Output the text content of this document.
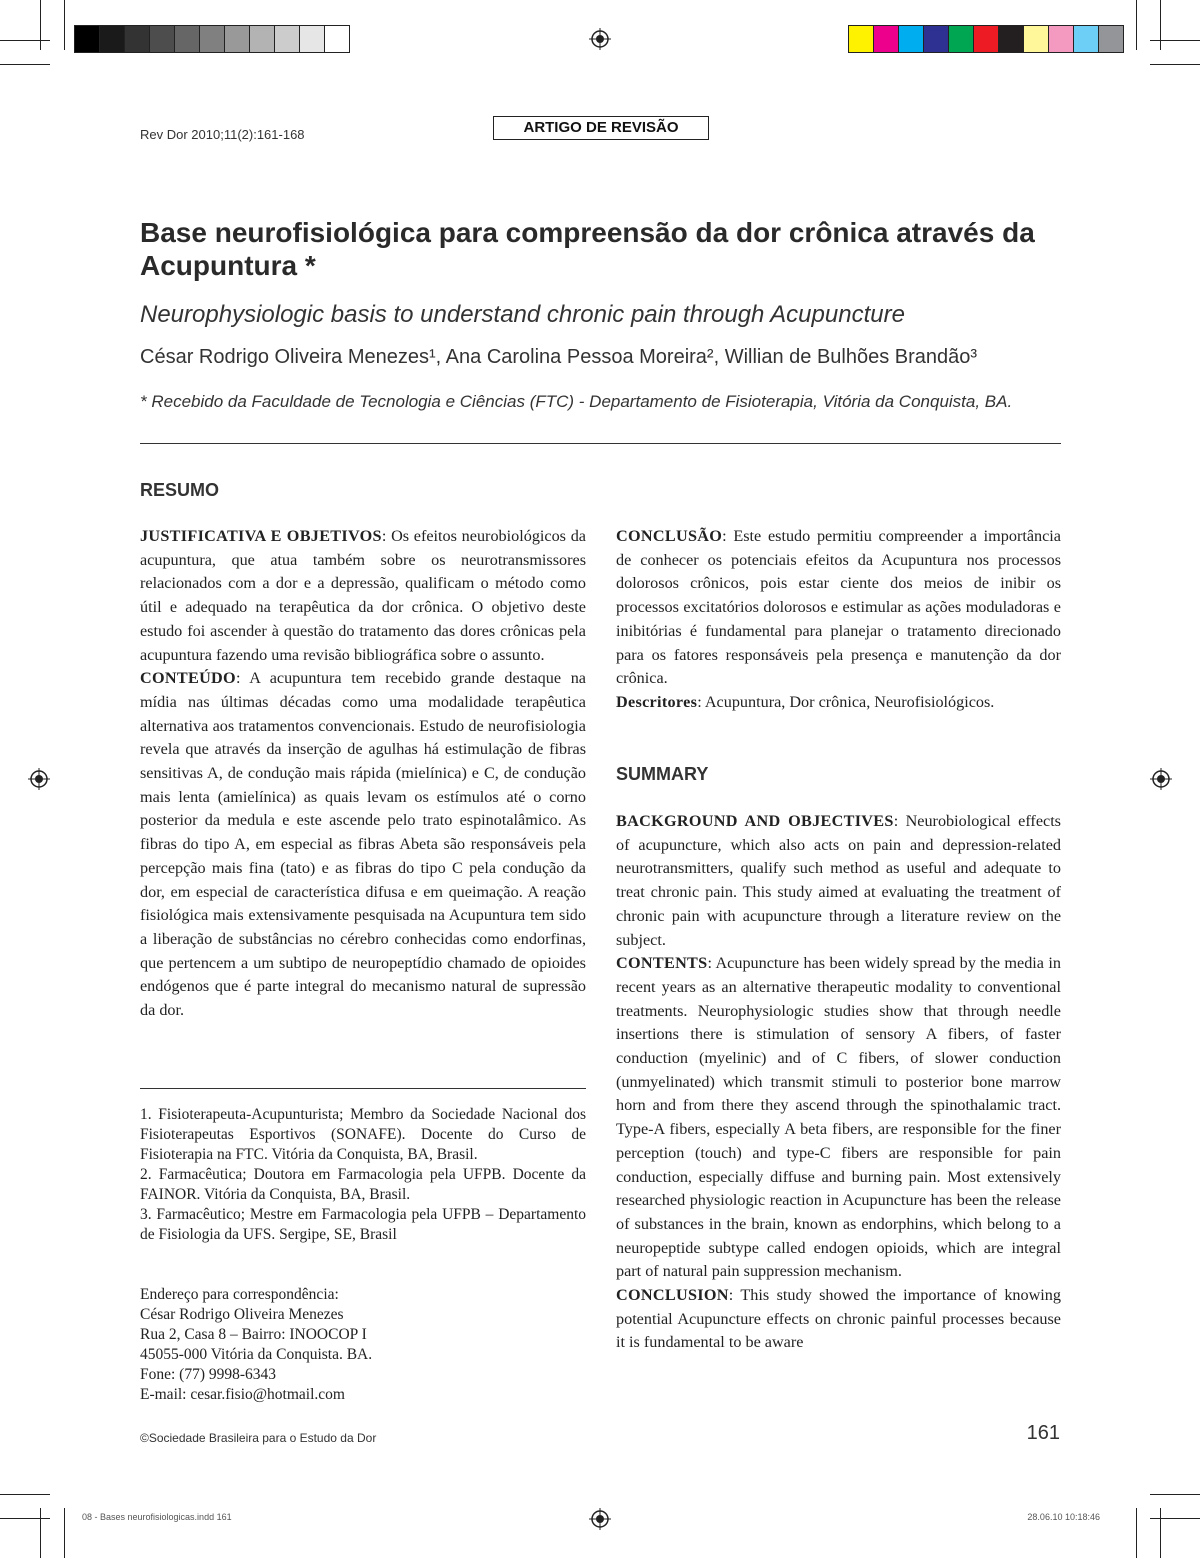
Rev Dor 2010;11(2):161-168	ARTIGO DE REVISÃO
Base neurofisiológica para compreensão da dor crônica através da Acupuntura *
Neurophysiologic basis to understand chronic pain through Acupuncture
César Rodrigo Oliveira Menezes¹, Ana Carolina Pessoa Moreira², Willian de Bulhões Brandão³
* Recebido da Faculdade de Tecnologia e Ciências (FTC) - Departamento de Fisioterapia, Vitória da Conquista, BA.
RESUMO

JUSTIFICATIVA E OBJETIVOS: Os efeitos neurobiológicos da acupuntura, que atua também sobre os neurotransmissores relacionados com a dor e a depressão, qualificam o método como útil e adequado na terapêutica da dor crônica. O objetivo deste estudo foi ascender à questão do tratamento das dores crônicas pela acupuntura fazendo uma revisão bibliográfica sobre o assunto.

CONTEÚDO: A acupuntura tem recebido grande destaque na mídia nas últimas décadas como uma modalidade terapêutica alternativa aos tratamentos convencionais. Estudo de neurofisiologia revela que através da inserção de agulhas há estimulação de fibras sensitivas A, de condução mais rápida (mielínica) e C, de condução mais lenta (amielínica) as quais levam os estímulos até o corno posterior da medula e este ascende pelo trato espinotalâmico. As fibras do tipo A, em especial as fibras Abeta são responsáveis pela percepção mais fina (tato) e as fibras do tipo C pela condução da dor, em especial de característica difusa e em queimação. A reação fisiológica mais extensivamente pesquisada na Acupuntura tem sido a liberação de substâncias no cérebro conhecidas como endorfinas, que pertencem a um subtipo de neuropeptídio chamado de opioides endógenos que é parte integral do mecanismo natural de supressão da dor.

CONCLUSÃO: Este estudo permitiu compreender a importância de conhecer os potenciais efeitos da Acupuntura nos processos dolorosos crônicos, pois estar ciente dos meios de inibir os processos excitatórios dolorosos e estimular as ações moduladoras e inibitórias é fundamental para planejar o tratamento direcionado para os fatores responsáveis pela presença e manutenção da dor crônica.

Descritores: Acupuntura, Dor crônica, Neurofisiológicos.

SUMMARY

BACKGROUND AND OBJECTIVES: Neurobiological effects of acupuncture, which also acts on pain and depression-related neurotransmitters, qualify such method as useful and adequate to treat chronic pain. This study aimed at evaluating the treatment of chronic pain with acupuncture through a literature review on the subject.

CONTENTS: Acupuncture has been widely spread by the media in recent years as an alternative therapeutic modality to conventional treatments. Neurophysiologic studies show that through needle insertions there is stimulation of sensory A fibers, of faster conduction (myelinic) and of C fibers, of slower conduction (unmyelinated) which transmit stimuli to posterior bone marrow horn and from there they ascend through the spinothalamic tract. Type-A fibers, especially A beta fibers, are responsible for the finer perception (touch) and type-C fibers are responsible for pain conduction, especially diffuse and burning pain. Most extensively researched physiologic reaction in Acupuncture has been the release of substances in the brain, known as endorphins, which belong to a neuropeptide subtype called endogen opioids, which are integral part of natural pain suppression mechanism.

CONCLUSION: This study showed the importance of knowing potential Acupuncture effects on chronic painful processes because it is fundamental to be aware

1. Fisioterapeuta-Acupunturista; Membro da Sociedade Nacional dos Fisioterapeutas Esportivos (SONAFE). Docente do Curso de Fisioterapia na FTC. Vitória da Conquista, BA, Brasil.

2. Farmacêutica; Doutora em Farmacologia pela UFPB. Docente da FAINOR. Vitória da Conquista, BA, Brasil.

3. Farmacêutico; Mestre em Farmacologia pela UFPB – Departamento de Fisiologia da UFS. Sergipe, SE, Brasil

Endereço para correspondência:
César Rodrigo Oliveira Menezes
Rua 2, Casa 8 – Bairro: INOOCOP I
45055-000 Vitória da Conquista. BA.
Fone: (77) 9998-6343
E-mail: cesar.fisio@hotmail.com
©Sociedade Brasileira para o Estudo da Dor	161
08 - Bases neurofisiologicas.indd 161	28.06.10 10:18:46
